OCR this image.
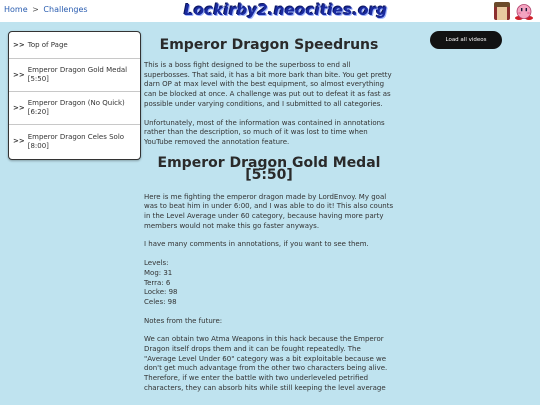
Home > Challenges	Lockirby2.neocities.org
>> Top of Page
>>
Emperor Dragon Gold Medal [5:50]
>>
Emperor Dragon (No Quick) [6:20]
>>
Emperor Dragon Celes Solo [8:00]
Load all videos
Emperor Dragon Speedruns

This is a boss fight designed to be the superboss to end all superbosses. That said, it has a bit more bark than bite. You get pretty darn OP at max level with the best equipment, so almost everything can be blocked at once. A challenge was put out to defeat it as fast as possible under varying conditions, and I submitted to all categories.

Unfortunately, most of the information was contained in annotations rather than the description, so much of it was lost to time when YouTube removed the annotation feature.

Emperor Dragon Gold Medal [5:50]

Here is me fighting the emperor dragon made by LordEnvoy. My goal was to beat him in under 6:00, and I was able to do it! This also counts in the Level Average under 60 category, because having more party members would not make this go faster anyways.

I have many comments in annotations, if you want to see them.

Levels:
Mog: 31
Terra: 6
Locke: 98
Celes: 98

Notes from the future:

We can obtain two Atma Weapons in this hack because the Emperor Dragon itself drops them and it can be fought repeatedly. The "Average Level Under 60" category was a bit exploitable because we don't get much advantage from the other two characters being alive. Therefore, if we enter the battle with two underleveled petrified characters, they can absorb hits while still keeping the level average
